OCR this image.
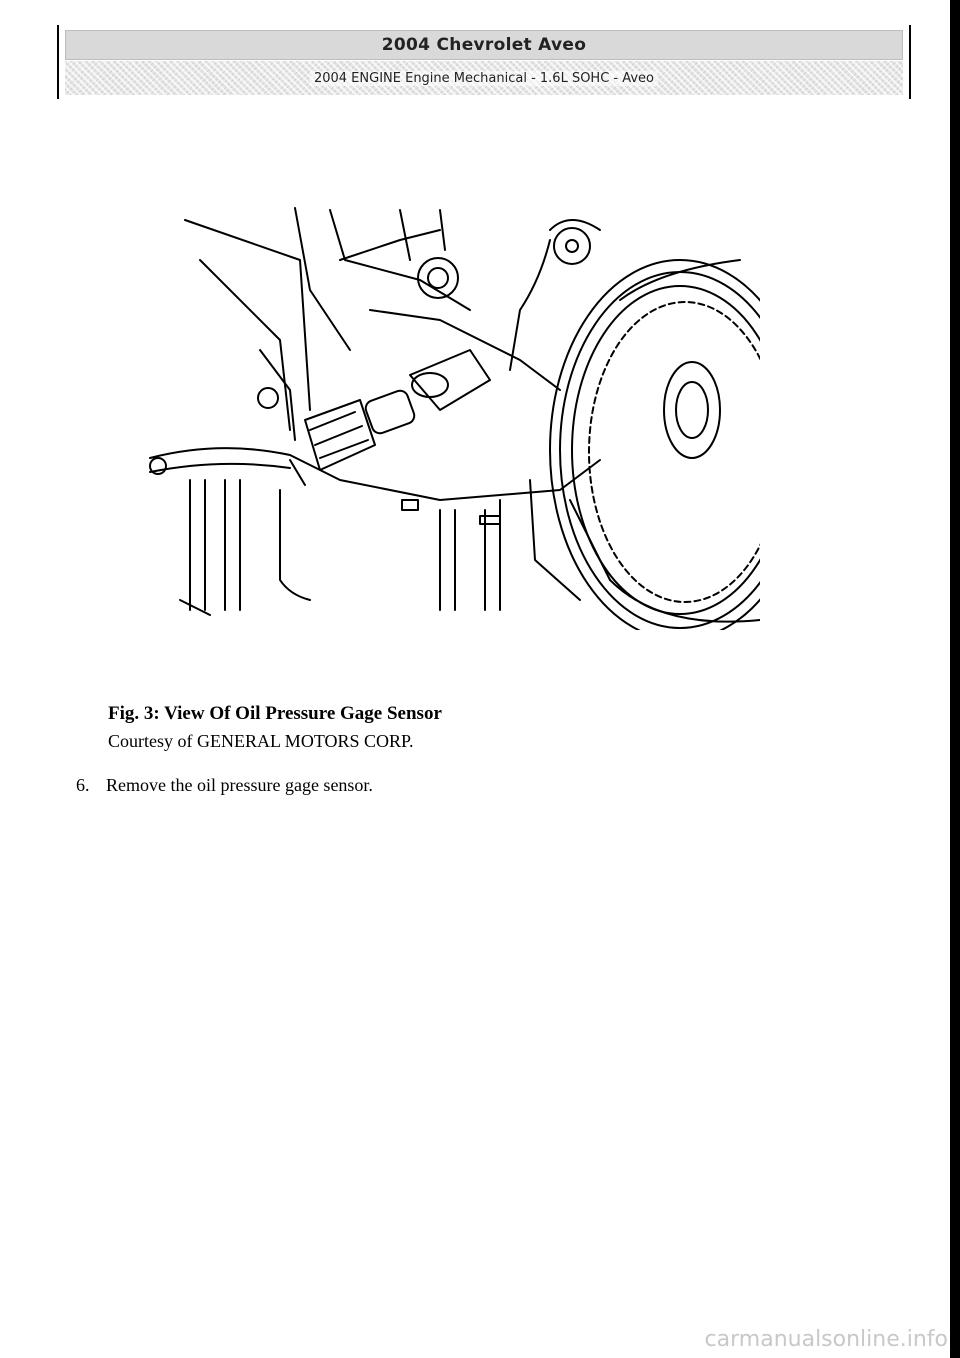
2004 Chevrolet Aveo
2004 ENGINE Engine Mechanical - 1.6L SOHC - Aveo
Fig. 3: View Of Oil Pressure Gage Sensor
Courtesy of GENERAL MOTORS CORP.
6. Remove the oil pressure gage sensor.
carmanualsonline.info
